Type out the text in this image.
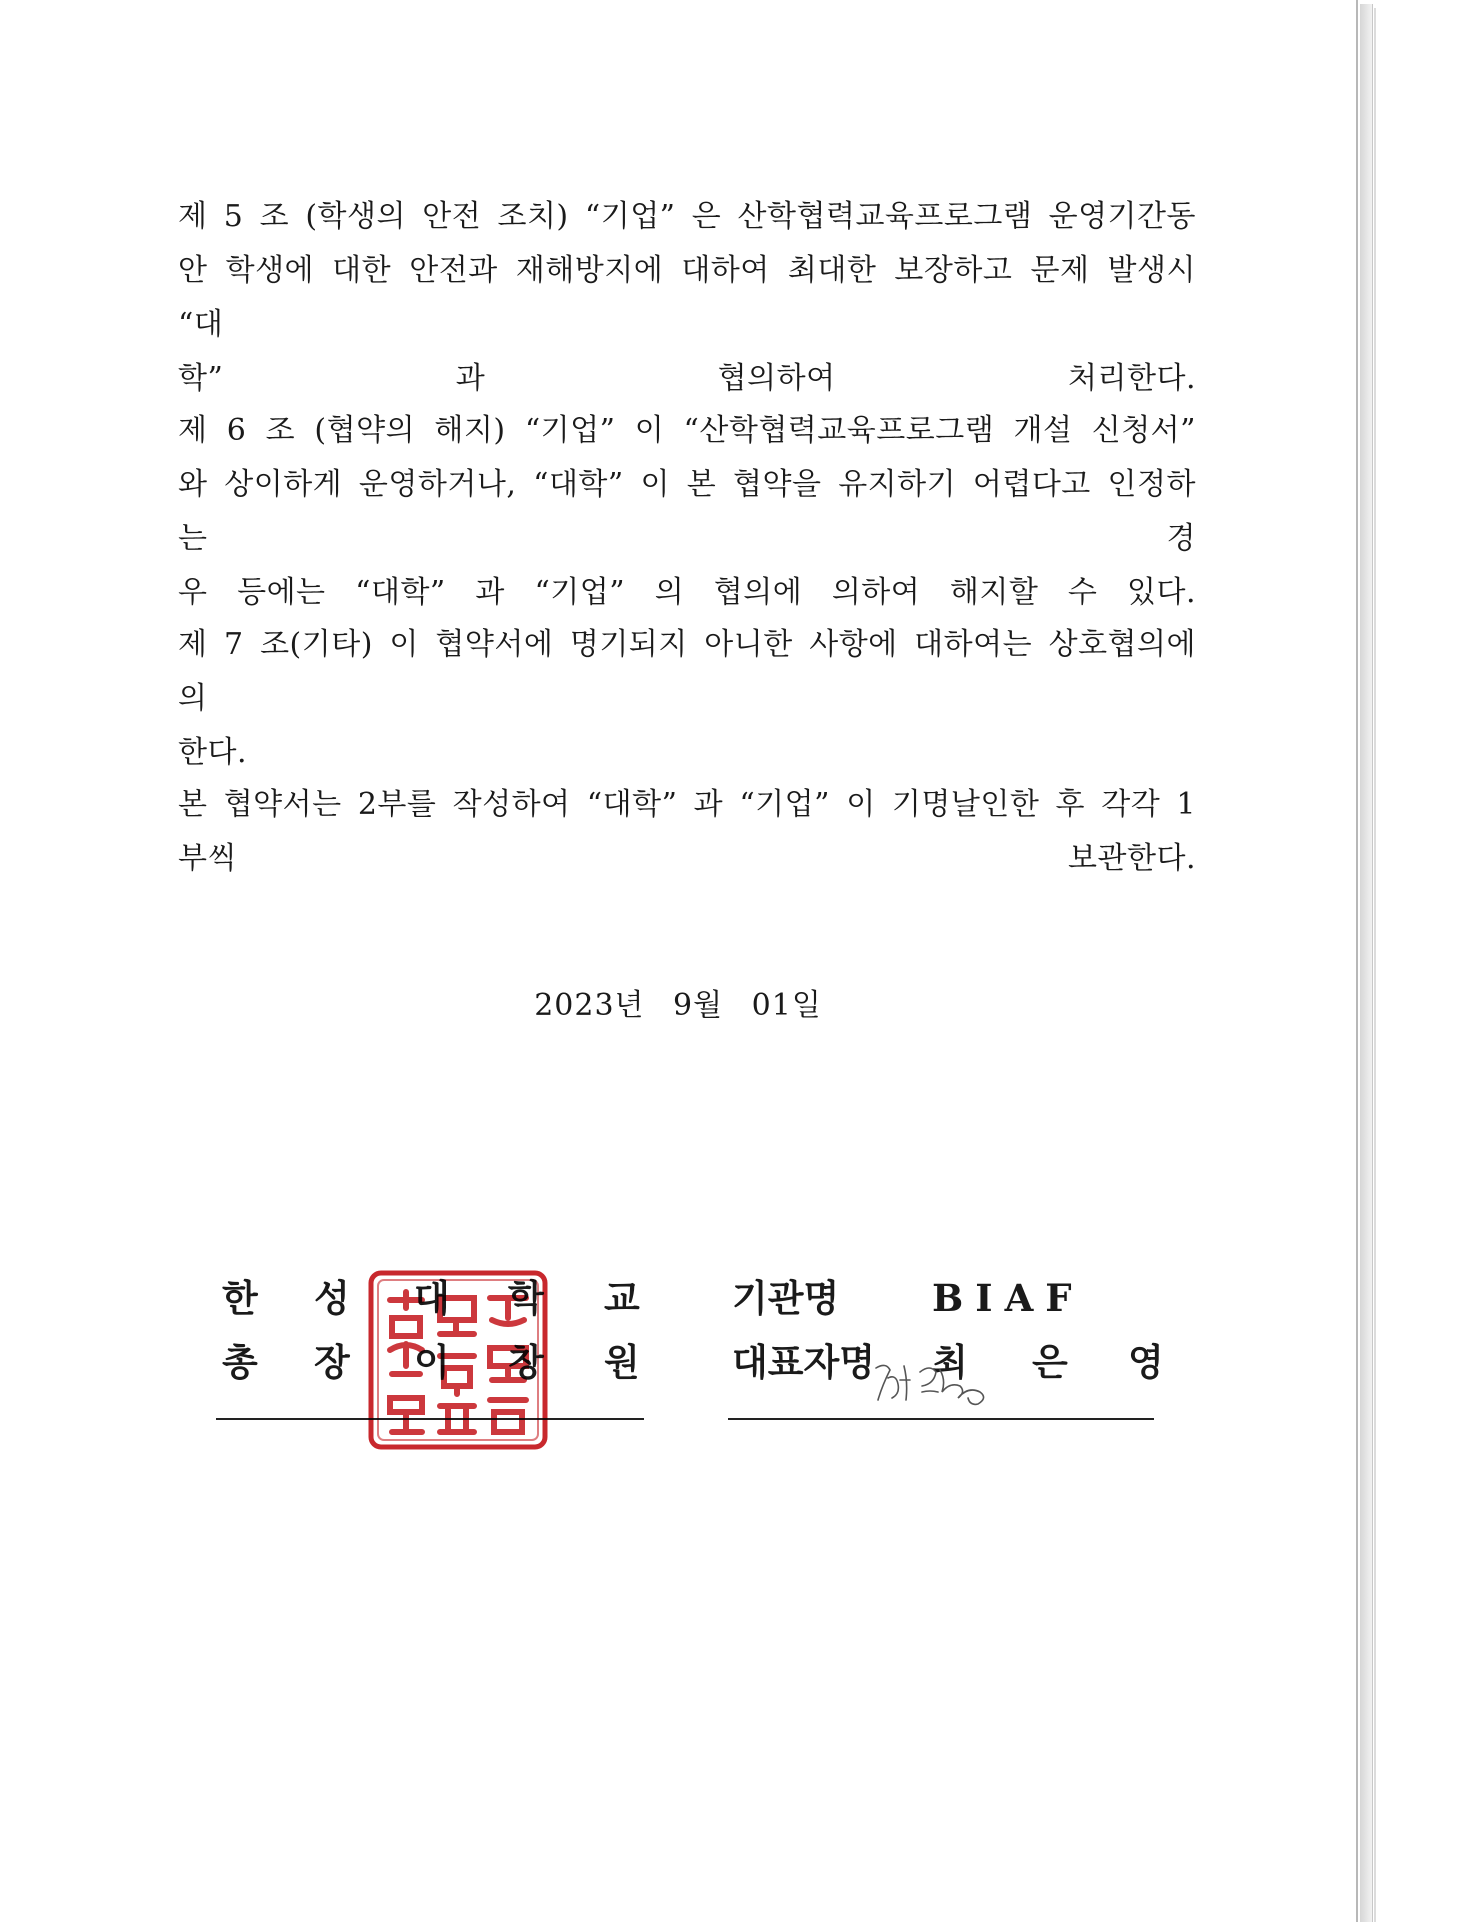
제 5 조 (학생의 안전 조치) “기업” 은 산학협력교육프로그램 운영기간동안 학생에 대한 안전과 재해방지에 대하여 최대한 보장하고 문제 발생시 “대
학” 과 협의하여 처리한다.

제 6 조 (협약의 해지) “기업” 이 “산학협력교육프로그램 개설 신청서” 와 상이하게 운영하거나, “대학” 이 본 협약을 유지하기 어렵다고 인정하는 경
우 등에는 “대학” 과 “기업” 의 협의에 의하여 해지할 수 있다.

제 7 조(기타) 이 협약서에 명기되지 아니한 사항에 대하여는 상호협의에 의
한다.

본 협약서는 2부를 작성하여 “대학” 과 “기업” 이 기명날인한 후 각각 1
부씩 보관한다.

2023년 9월 01일
한 성 대 학 교 기관명	BIAF
총 장 이 창 원 대표자명 최 은 영
